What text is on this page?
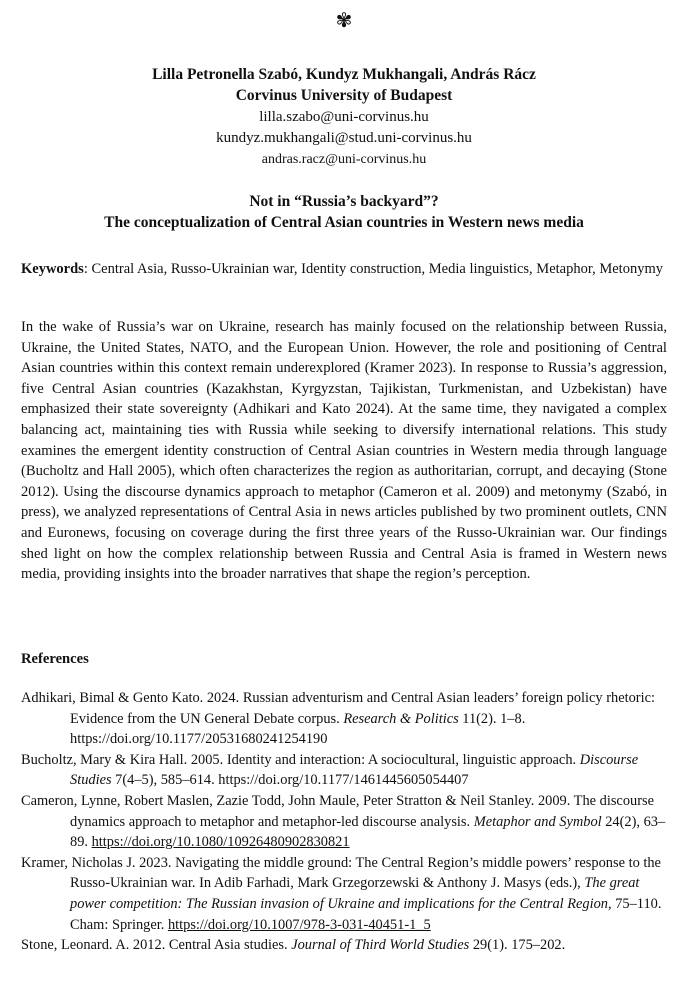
✾
Lilla Petronella Szabó, Kundyz Mukhangali, András Rácz
Corvinus University of Budapest
lilla.szabo@uni-corvinus.hu
kundyz.mukhangali@stud.uni-corvinus.hu
andras.racz@uni-corvinus.hu
Not in “Russia’s backyard”?
The conceptualization of Central Asian countries in Western news media
Keywords: Central Asia, Russo-Ukrainian war, Identity construction, Media linguistics, Metaphor, Metonymy
In the wake of Russia’s war on Ukraine, research has mainly focused on the relationship between Russia, Ukraine, the United States, NATO, and the European Union. However, the role and positioning of Central Asian countries within this context remain underexplored (Kramer 2023). In response to Russia’s aggression, five Central Asian countries (Kazakhstan, Kyrgyzstan, Tajikistan, Turkmenistan, and Uzbekistan) have emphasized their state sovereignty (Adhikari and Kato 2024). At the same time, they navigated a complex balancing act, maintaining ties with Russia while seeking to diversify international relations. This study examines the emergent identity construction of Central Asian countries in Western media through language (Bucholtz and Hall 2005), which often characterizes the region as authoritarian, corrupt, and decaying (Stone 2012). Using the discourse dynamics approach to metaphor (Cameron et al. 2009) and metonymy (Szabó, in press), we analyzed representations of Central Asia in news articles published by two prominent outlets, CNN and Euronews, focusing on coverage during the first three years of the Russo-Ukrainian war. Our findings shed light on how the complex relationship between Russia and Central Asia is framed in Western news media, providing insights into the broader narratives that shape the region’s perception.
References
Adhikari, Bimal & Gento Kato. 2024. Russian adventurism and Central Asian leaders’ foreign policy rhetoric: Evidence from the UN General Debate corpus. Research & Politics 11(2). 1–8. https://doi.org/10.1177/20531680241254190
Bucholtz, Mary & Kira Hall. 2005. Identity and interaction: A sociocultural, linguistic approach. Discourse Studies 7(4–5), 585–614. https://doi.org/10.1177/1461445605054407
Cameron, Lynne, Robert Maslen, Zazie Todd, John Maule, Peter Stratton & Neil Stanley. 2009. The discourse dynamics approach to metaphor and metaphor-led discourse analysis. Metaphor and Symbol 24(2), 63–89. https://doi.org/10.1080/10926480902830821
Kramer, Nicholas J. 2023. Navigating the middle ground: The Central Region’s middle powers’ response to the Russo-Ukrainian war. In Adib Farhadi, Mark Grzegorzewski & Anthony J. Masys (eds.), The great power competition: The Russian invasion of Ukraine and implications for the Central Region, 75–110. Cham: Springer. https://doi.org/10.1007/978-3-031-40451-1_5
Stone, Leonard. A. 2012. Central Asia studies. Journal of Third World Studies 29(1). 175–202.
